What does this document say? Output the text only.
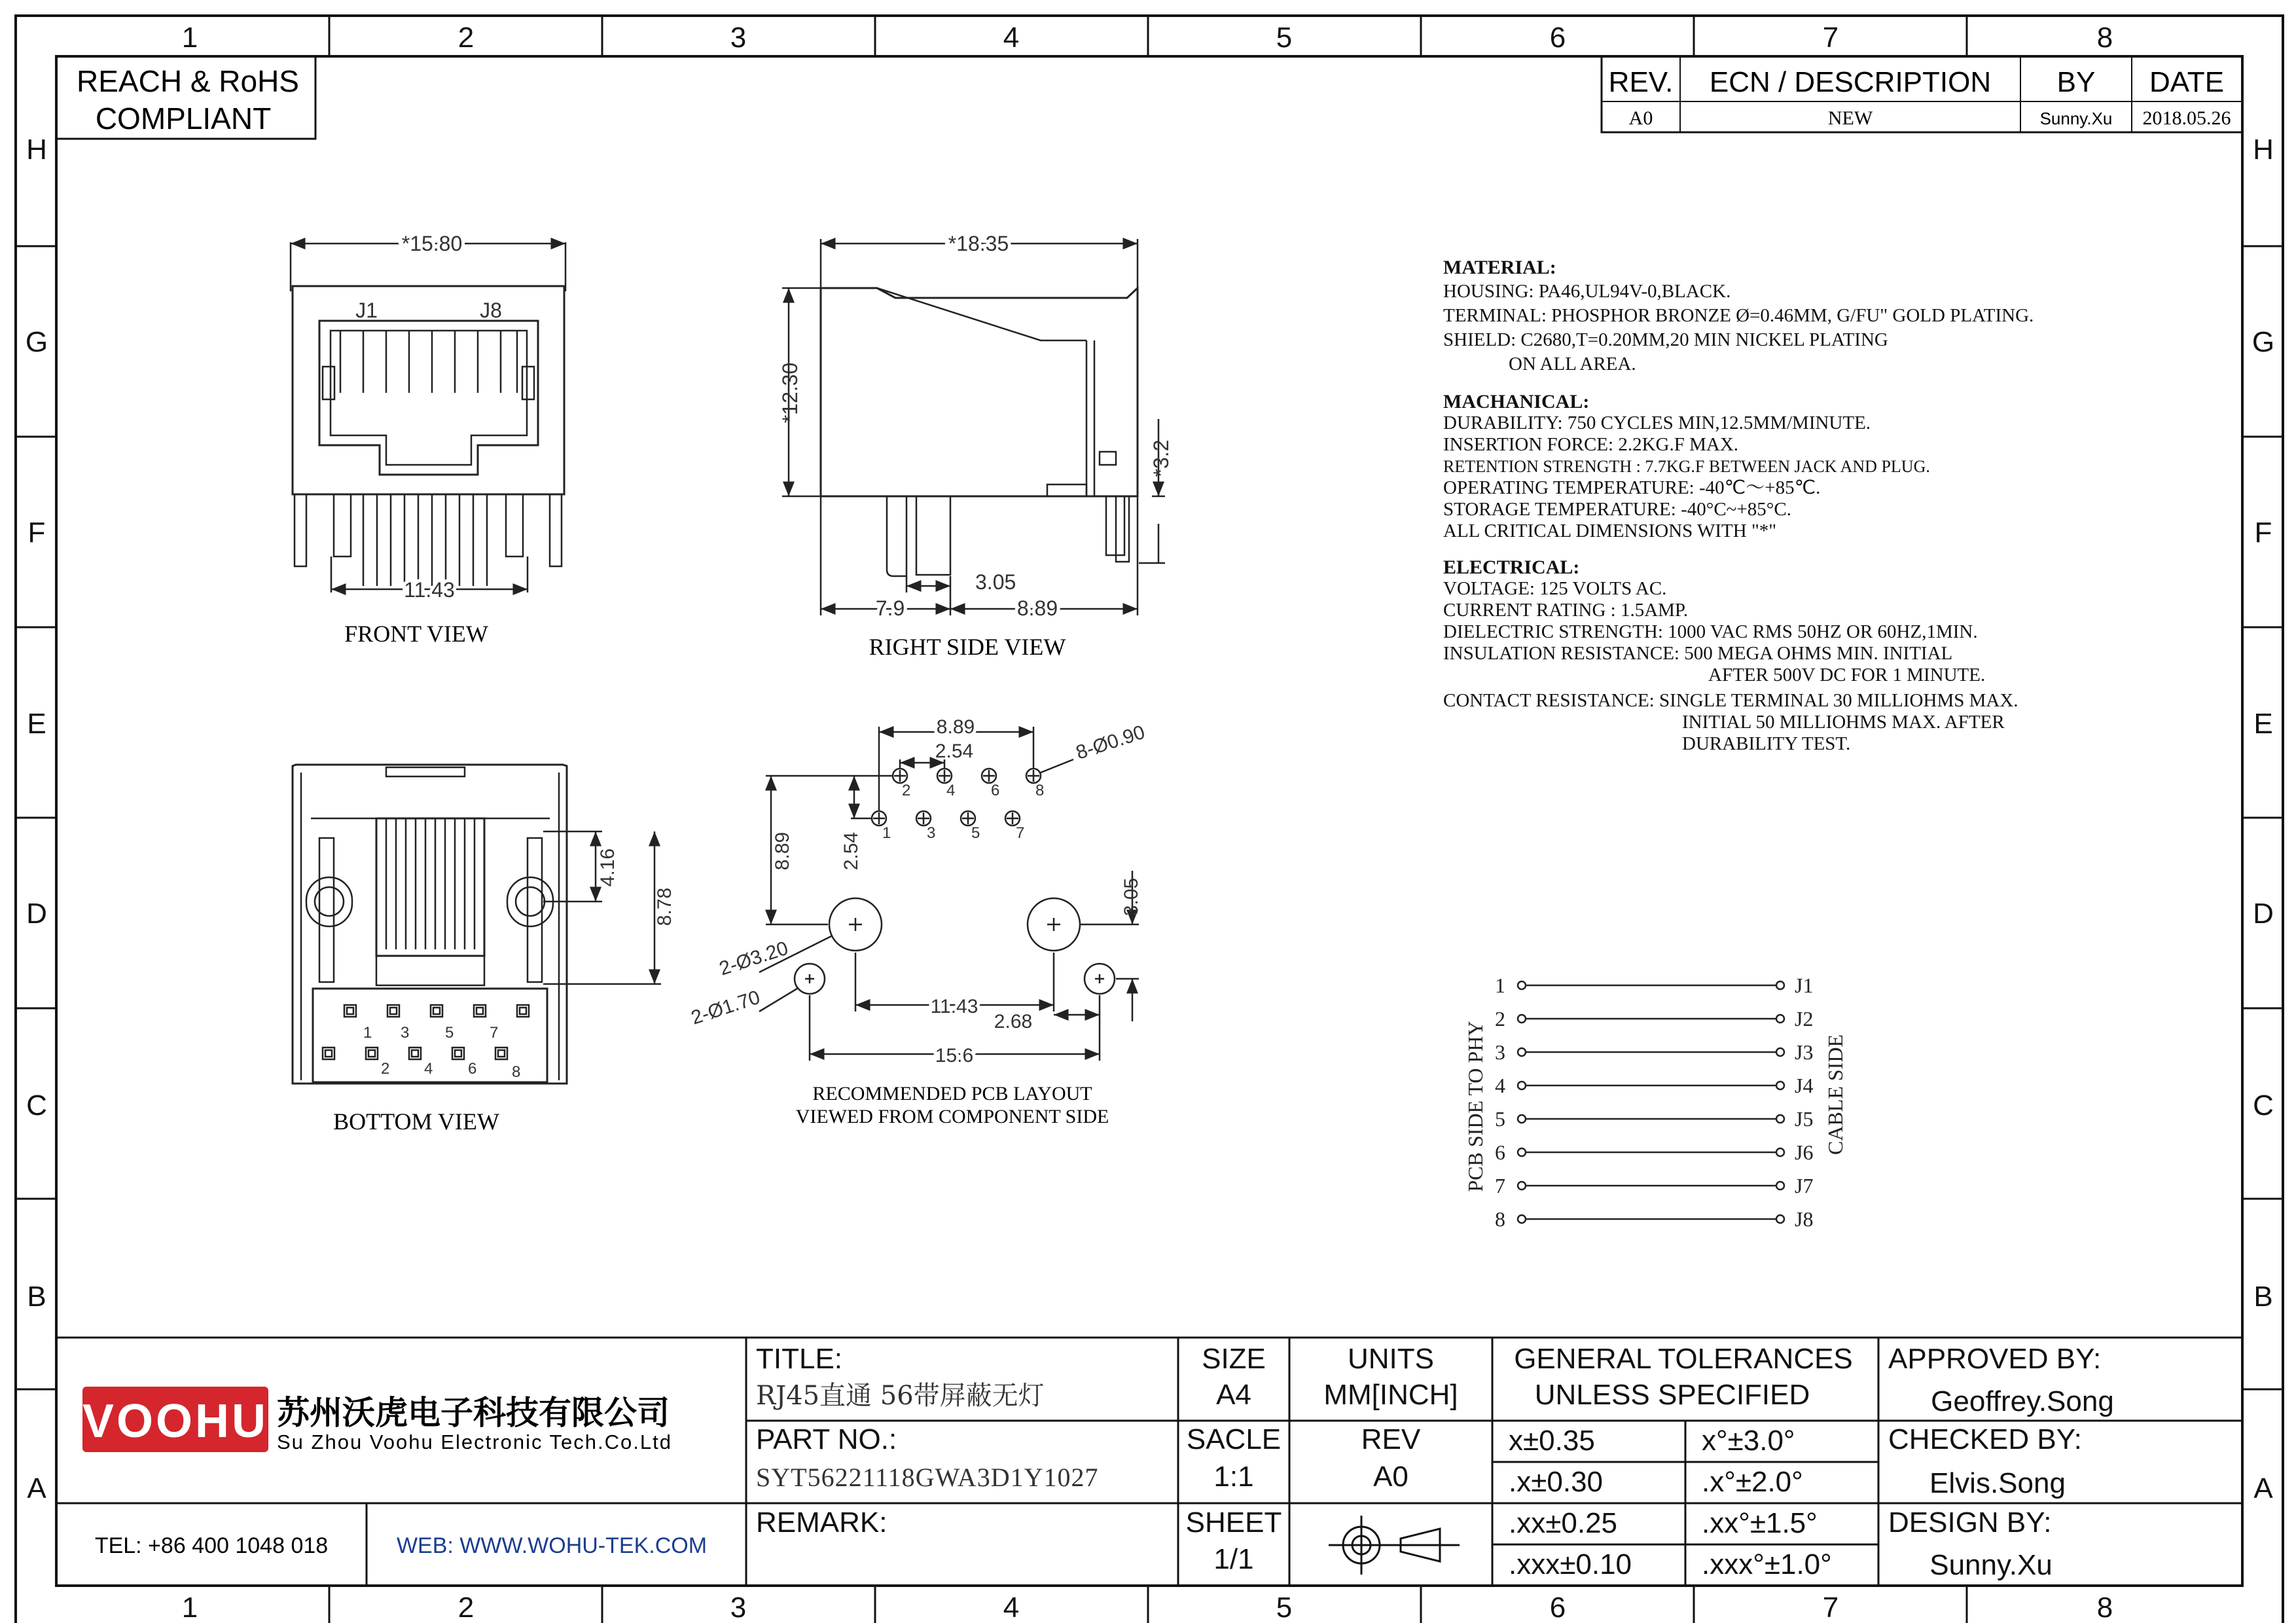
1	2	3	4	5	6	7	8
1	2	3	4	5	6	7	8
H
G
F
E
D
C
B
A
H
G
F
E
D
C
B
A
REACH & RoHS
COMPLIANT
REV. ECN / DESCRIPTION BY DATE
A0	NEW	Sunny.Xu 2018.05.26
*15.80
J1	J8
11.43
FRONT VIEW
*18.35
*12.30
*3.2
3.05
7.9	8.89
RIGHT SIDE VIEW
4.16
8.78
1 3 5 7
2 4 6 8
BOTTOM VIEW
8.89
2.54	8-Ø0.90
8.89 2.54
2-Ø3.20
2-Ø1.70	11.43
2.68
15.6
3.05
1
2
3
4
5
6
7
8
RECOMMENDED PCB LAYOUT
VIEWED FROM COMPONENT SIDE
1
2
3
4
5
6
7
8
J1
J2
J3
J4
J5
J6
J7
J8
PCB SIDE TO PHY	CABLE SIDE
VOOHU 苏州沃虎电子科技有限公司
Su Zhou Voohu Electronic Tech.Co.Ltd
TEL: +86 400 1048 018	WEB: WWW.WOHU-TEK.COM
TITLE:
PART NO.:
REMARK:
SIZE
A4
SACLE
1:1
SHEET
1/1
UNITS
MM[INCH]
REV
A0
GENERAL TOLERANCES
UNLESS SPECIFIED
x±0.35	x°±3.0°
.x±0.30	.x°±2.0°
.xx±0.25	.xx°±1.5°
.xxx±0.10 .xxx°±1.0°
APPROVED BY:
Geoffrey.Song
CHECKED BY:
Elvis.Song
DESIGN BY:
Sunny.Xu
RJ45直通 56带屏蔽无灯
SYT56221118GWA3D1Y1027
MATERIAL:
HOUSING: PA46,UL94V-0,BLACK.
TERMINAL: PHOSPHOR BRONZE Ø=0.46MM, G/FU" GOLD PLATING.
SHIELD: C2680,T=0.20MM,20 MIN NICKEL PLATING
ON ALL AREA.
MACHANICAL:
DURABILITY: 750 CYCLES MIN,12.5MM/MINUTE.
INSERTION FORCE: 2.2KG.F MAX.
RETENTION STRENGTH : 7.7KG.F BETWEEN JACK AND PLUG.
OPERATING TEMPERATURE: -40℃～+85℃.
STORAGE TEMPERATURE: -40°C~+85°C.
ALL CRITICAL DIMENSIONS WITH "*"
ELECTRICAL:
VOLTAGE: 125 VOLTS AC.
CURRENT RATING : 1.5AMP.
DIELECTRIC STRENGTH: 1000 VAC RMS 50HZ OR 60HZ,1MIN.
INSULATION RESISTANCE: 500 MEGA OHMS MIN. INITIAL
AFTER 500V DC FOR 1 MINUTE.
CONTACT RESISTANCE: SINGLE TERMINAL 30 MILLIOHMS MAX.
INITIAL 50 MILLIOHMS MAX. AFTER
DURABILITY TEST.
